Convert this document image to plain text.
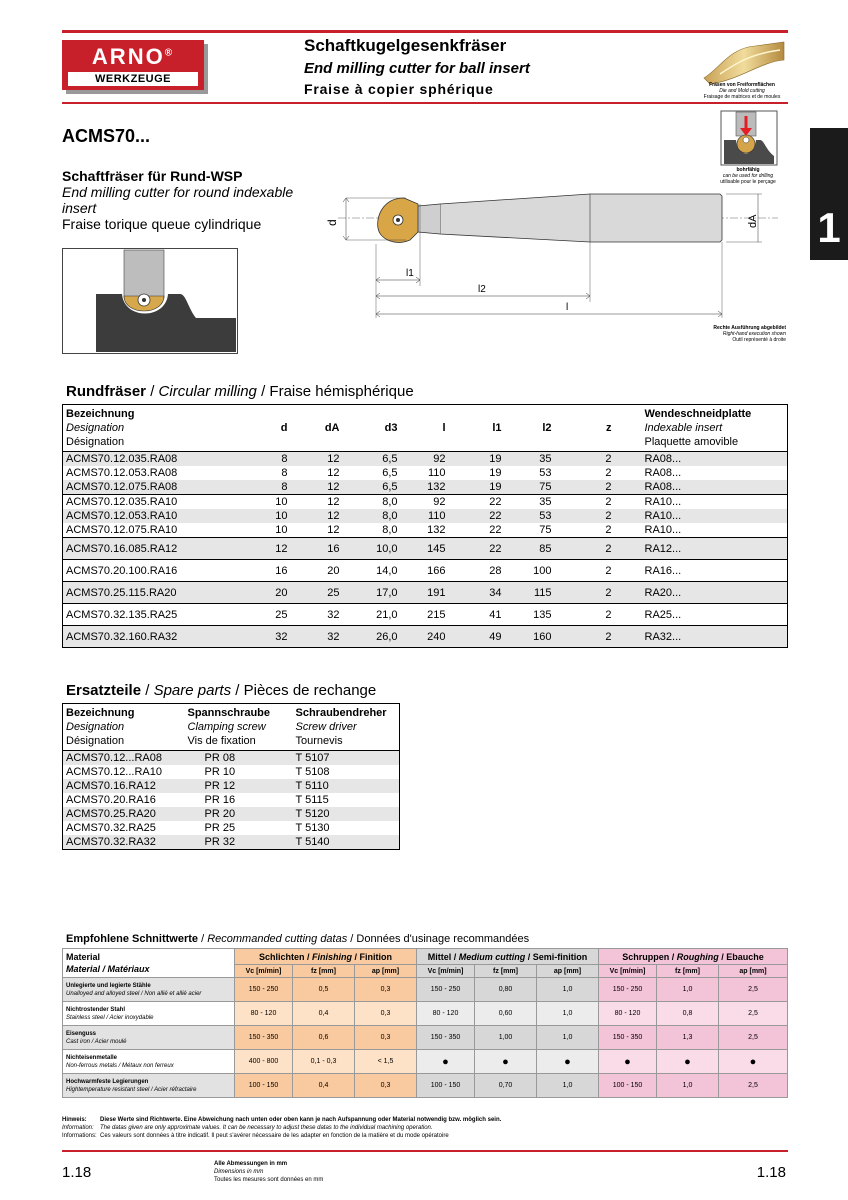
ARNO®
WERKZEUGE
Schaftkugelgesenkfräser
End milling cutter for ball insert
Fraise à copier sphérique	Fräsen von Freiformflächen
Die and Mold cutting
Fraisage de matrices et de moules
1
ACMS70...
Schaftfräser für Rund-WSP
End milling cutter for round indexable
insert
Fraise torique queue cylindrique
bohrfähig
can be used for drilling
utilisable pour le perçage
d	dA
l1
l2
l
Rechte Ausführung abgebildet
Right-hand execution shown
Outil représenté à droite
Rundfräser / Circular milling / Fraise hémisphérique
Bezeichnung
Designation
Désignation	d	dA	d3	l	l1	l2	z	Wendeschneidplatte
Indexable insert
Plaquette amovible
ACMS70.12.035.RA08	8	12	6,5	92	19	35	2	RA08...
ACMS70.12.053.RA08	8	12	6,5	110	19	53	2	RA08...
ACMS70.12.075.RA08	8	12	6,5	132	19	75	2	RA08...
ACMS70.12.035.RA10	10	12	8,0	92	22	35	2	RA10...
ACMS70.12.053.RA10	10	12	8,0	110	22	53	2	RA10...
ACMS70.12.075.RA10	10	12	8,0	132	22	75	2	RA10...
ACMS70.16.085.RA12	12	16	10,0	145	22	85	2	RA12...
ACMS70.20.100.RA16	16	20	14,0	166	28	100	2	RA16...
ACMS70.25.115.RA20	20	25	17,0	191	34	115	2	RA20...
ACMS70.32.135.RA25	25	32	21,0	215	41	135	2	RA25...
ACMS70.32.160.RA32	32	32	26,0	240	49	160	2	RA32...
Ersatzteile / Spare parts / Pièces de rechange
Bezeichnung
Designation
Désignation	Spannschraube
Clamping screw
Vis de fixation	Schraubendreher
Screw driver
Tournevis
ACMS70.12...RA08	PR 08	T 5107
ACMS70.12...RA10	PR 10	T 5108
ACMS70.16.RA12	PR 12	T 5110
ACMS70.20.RA16	PR 16	T 5115
ACMS70.25.RA20	PR 20	T 5120
ACMS70.32.RA25	PR 25	T 5130
ACMS70.32.RA32	PR 32	T 5140
Empfohlene Schnittwerte / Recommanded cutting datas / Données d'usinage recommandées
Material
Material / Matériaux	Schlichten / Finishing / Finition			Mittel / Medium cutting / Semi-finition			Schruppen / Roughing / Ebauche		
	Vc [m/min]	fz [mm]	ap [mm]	Vc [m/min]	fz [mm]	ap [mm]	Vc [m/min]	fz [mm]	ap [mm]
Unlegierte und legierte Stähle
Unalloyed and alloyed steel / Non allié et allié acier	150 - 250	0,5	0,3	150 - 250	0,80	1,0	150 - 250	1,0	2,5
Nichtrostender Stahl
Stainless steel / Acier inoxydable	80 - 120	0,4	0,3	80 - 120	0,60	1,0	80 - 120	0,8	2,5
Eisenguss
Cast iron / Acier moulé	150 - 350	0,6	0,3	150 - 350	1,00	1,0	150 - 350	1,3	2,5
Nichteisenmetalle
Non-ferrous metals / Métaux non ferreux	400 - 800	0,1 - 0,3	< 1,5	●	●	●	●	●	●
Hochwarmfeste Legierungen
Hightemperature resistant steel / Acier réfractaire	100 - 150	0,4	0,3	100 - 150	0,70	1,0	100 - 150	1,0	2,5
Hinweis: Diese Werte sind Richtwerte. Eine Abweichung nach unten oder oben kann je nach Aufspannung oder Material notwendig bzw. möglich sein.
Information: The datas given are only approximate values. It can be necessary to adjust these datas to the individual machining operation.
Informations: Ces valeurs sont données à titre indicatif. Il peut s'avérer nécessaire de les adapter en fonction de la matière et du mode opératoire
1.18	1.18
Alle Abmessungen in mm
Dimensions in mm
Toutes les mesures sont données en mm
